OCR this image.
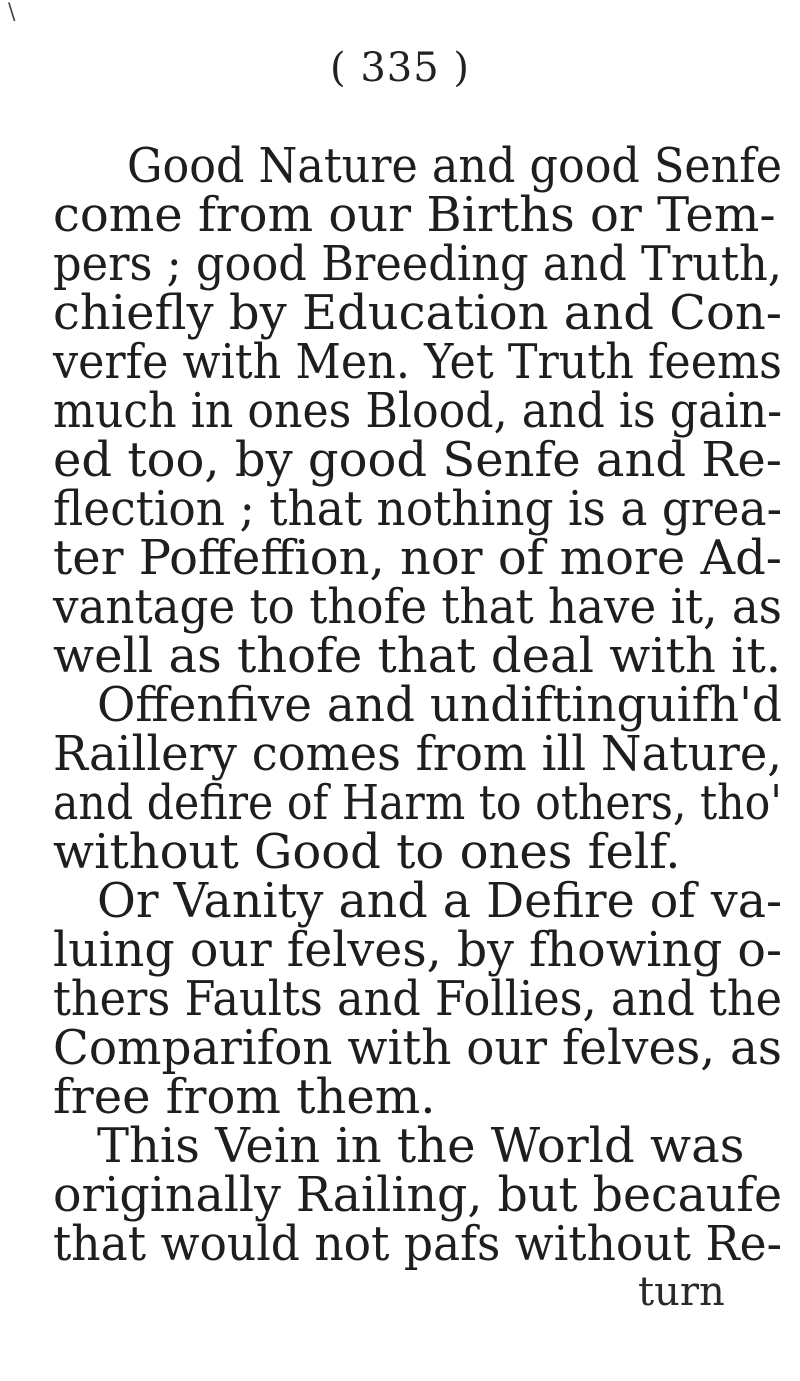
\
( 335 )
Good Nature and good Senfe
come from our Births or Tem-
pers ; good Breeding and Truth,
chiefly by Education and Con-
verfe with Men. Yet Truth feems
much in ones Blood, and is gain-
ed too, by good Senfe and Re-
flection ; that nothing is a grea-
ter Poffeffion, nor of more Ad-
vantage to thofe that have it, as
well as thofe that deal with it.
Offenfive and undiftinguifh'd
Raillery comes from ill Nature,
and defire of Harm to others, tho'
without Good to ones felf.
Or Vanity and a Defire of va-
luing our felves, by fhowing o-
thers Faults and Follies, and the
Comparifon with our felves, as
free from them.
This Vein in the World was
originally Railing, but becaufe
that would not pafs without Re-
turn
